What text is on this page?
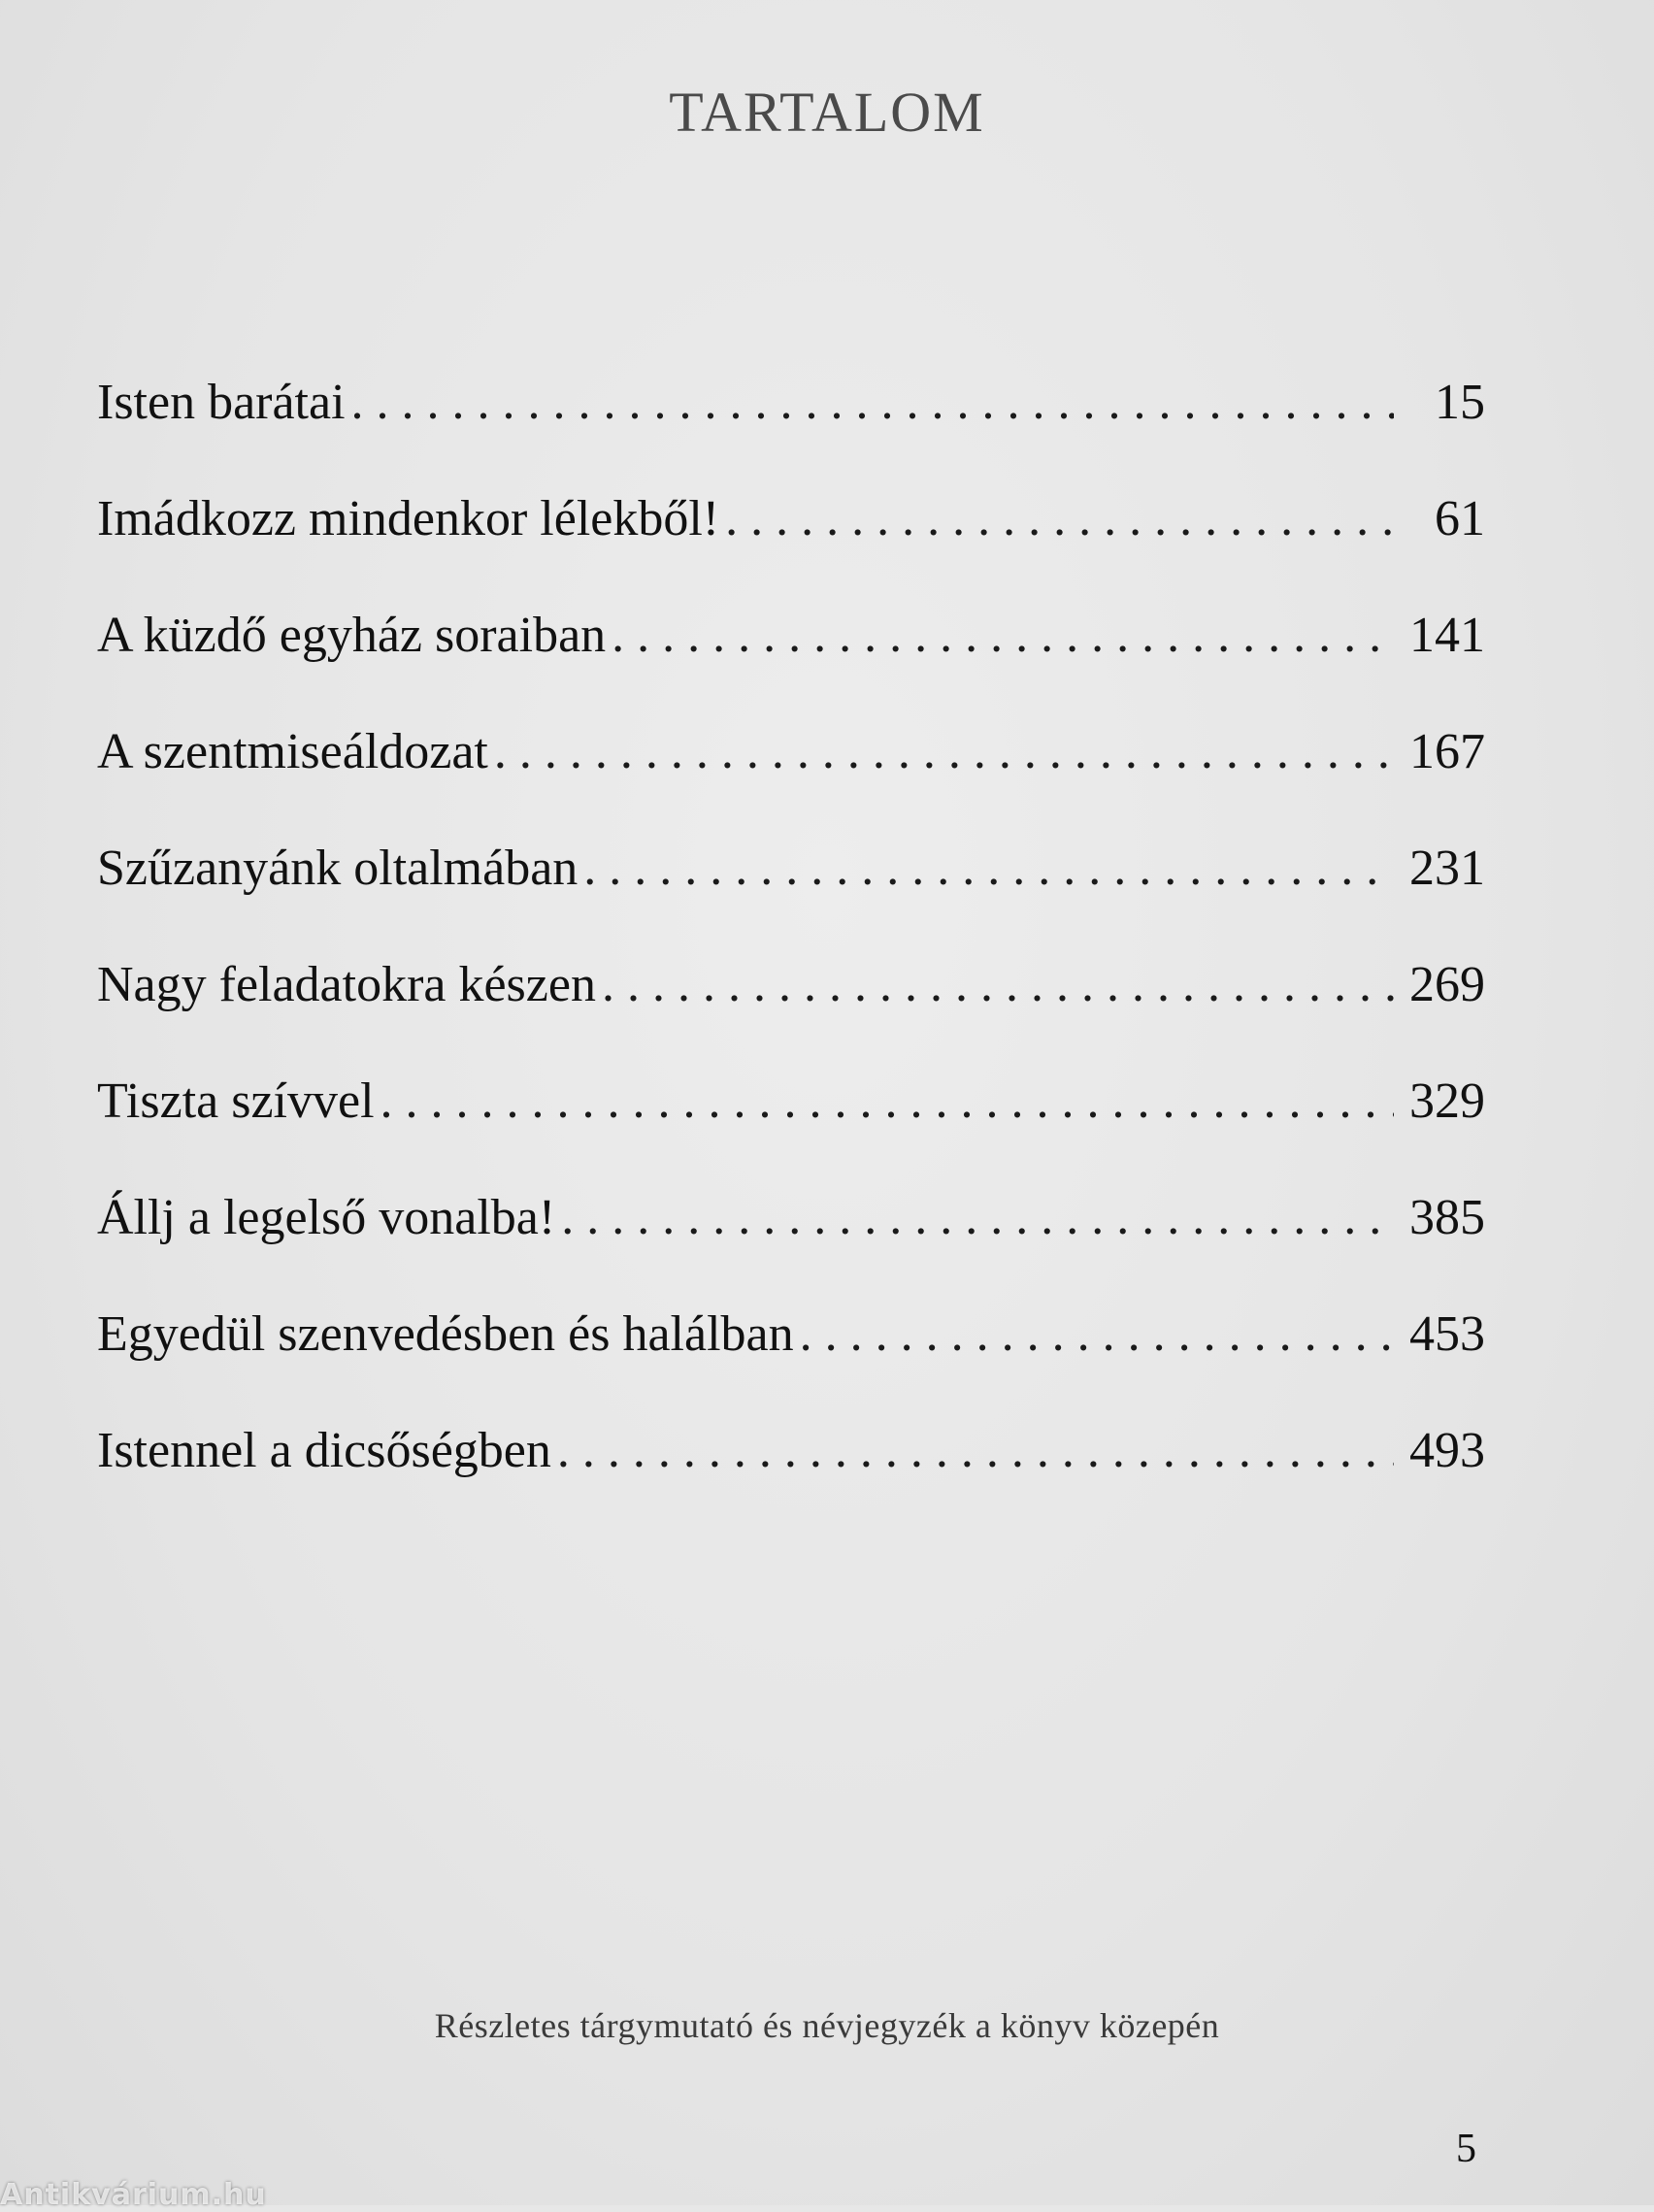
TARTALOM
Isten barátai . . .	15
Imádkozz mindenkor lélekből! . . .	61
A küzdő egyház soraiban . . .	141
A szentmiseáldozat . . .	167
Szűzanyánk oltalmában . . .	231
Nagy feladatokra készen . . .	269
Tiszta szívvel . . .	329
Állj a legelső vonalba! . . .	385
Egyedül szenvedésben és halálban . . .	453
Istennel a dicsőségben . . .	493
Részletes tárgymutató és névjegyzék a könyv közepén
5
Antikvárium.hu
